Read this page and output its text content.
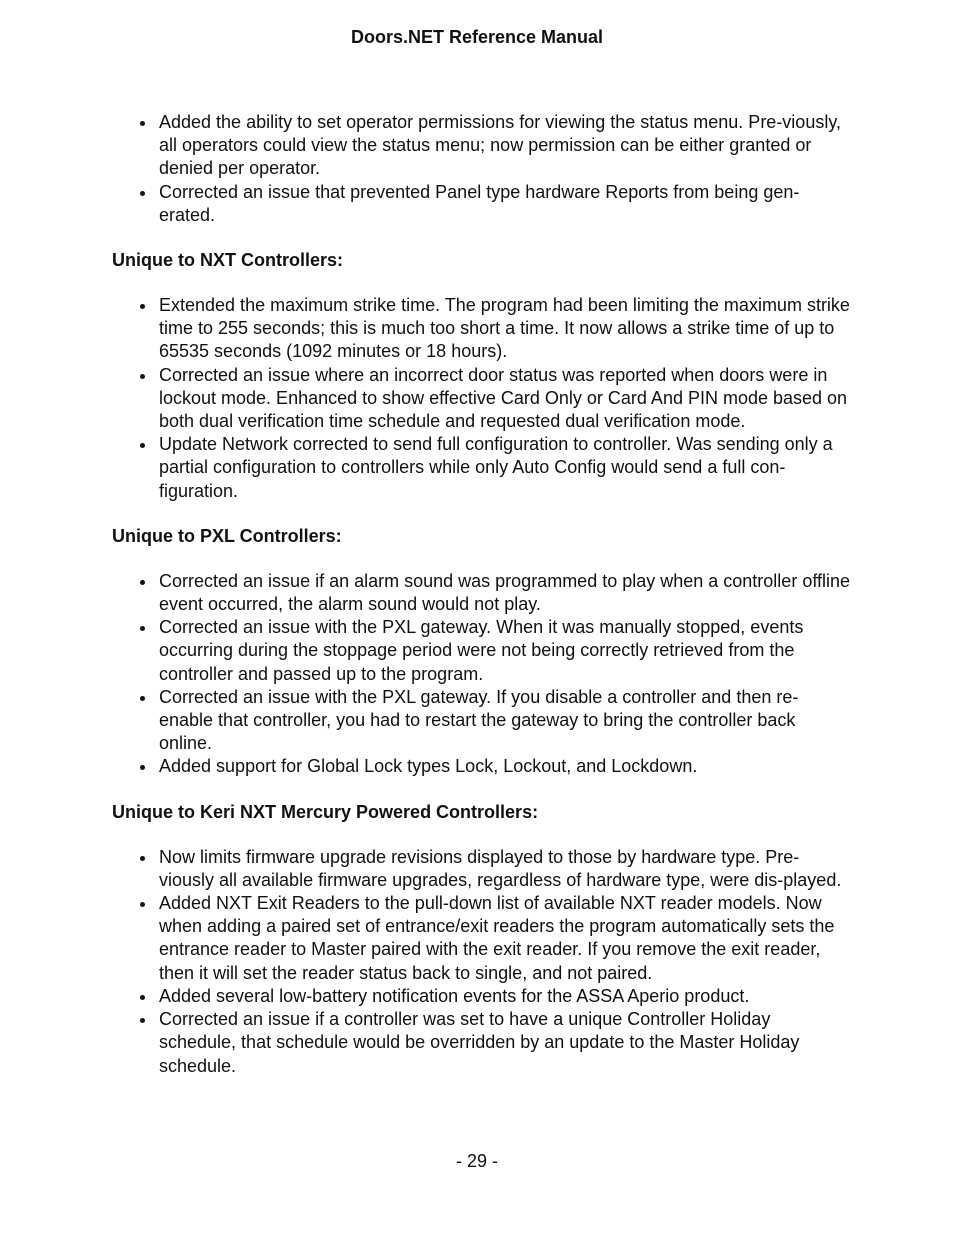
Doors.NET Reference Manual
Added the ability to set operator permissions for viewing the status menu. Pre-viously, all operators could view the status menu; now permission can be either granted or denied per operator.
Corrected an issue that prevented Panel type hardware Reports from being gen-erated.
Unique to NXT Controllers:
Extended the maximum strike time. The program had been limiting the maximum strike time to 255 seconds; this is much too short a time. It now allows a strike time of up to 65535 seconds (1092 minutes or 18 hours).
Corrected an issue where an incorrect door status was reported when doors were in lockout mode. Enhanced to show effective Card Only or Card And PIN mode based on both dual verification time schedule and requested dual verification mode.
Update Network corrected to send full configuration to controller. Was sending only a partial configuration to controllers while only Auto Config would send a full con-figuration.
Unique to PXL Controllers:
Corrected an issue if an alarm sound was programmed to play when a controller offline event occurred, the alarm sound would not play.
Corrected an issue with the PXL gateway. When it was manually stopped, events occurring during the stoppage period were not being correctly retrieved from the controller and passed up to the program.
Corrected an issue with the PXL gateway. If you disable a controller and then re-enable that controller, you had to restart the gateway to bring the controller back online.
Added support for Global Lock types Lock, Lockout, and Lockdown.
Unique to Keri NXT Mercury Powered Controllers:
Now limits firmware upgrade revisions displayed to those by hardware type. Pre-viously all available firmware upgrades, regardless of hardware type, were dis-played.
Added NXT Exit Readers to the pull-down list of available NXT reader models. Now when adding a paired set of entrance/exit readers the program automatically sets the entrance reader to Master paired with the exit reader. If you remove the exit reader, then it will set the reader status back to single, and not paired.
Added several low-battery notification events for the ASSA Aperio product.
Corrected an issue if a controller was set to have a unique Controller Holiday schedule, that schedule would be overridden by an update to the Master Holiday schedule.
- 29 -
